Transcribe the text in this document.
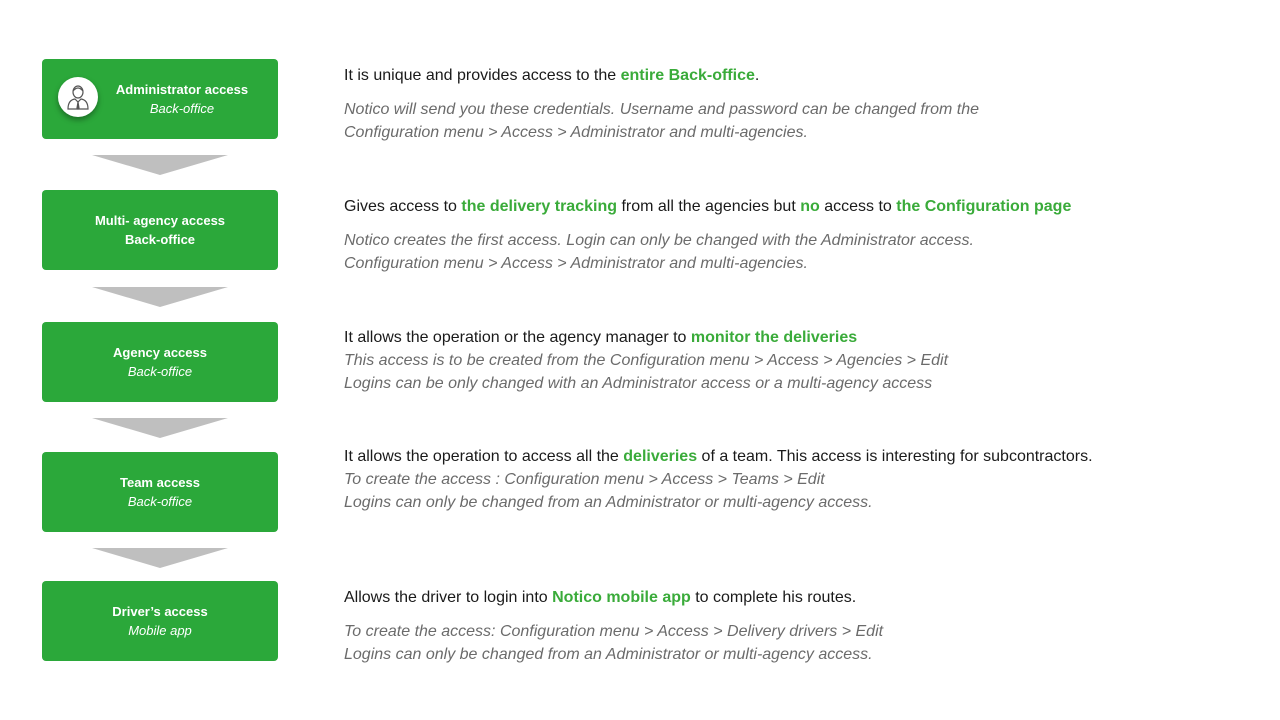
Administrator access
Back-office
Multi- agency access
Back-office
Agency access
Back-office
Team access
Back-office
Driver’s access
Mobile app
It is unique and provides access to the entire Back-office.
Notico will send you these credentials. Username and password can be changed from the
Configuration menu > Access > Administrator and multi-agencies.
Gives access to the delivery tracking from all the agencies but no access to the Configuration page
Notico creates the first access. Login can only be changed with the Administrator access.
Configuration menu > Access > Administrator and multi-agencies.
It allows the operation or the agency manager to monitor the deliveries
This access is to be created from the Configuration menu > Access > Agencies > Edit
Logins can be only changed with an Administrator access or a multi-agency access
It allows the operation to access all the deliveries of a team. This access is interesting for subcontractors.
To create the access : Configuration menu > Access > Teams > Edit
Logins can only be changed from an Administrator or multi-agency access.
Allows the driver to login into Notico mobile app to complete his routes.
To create the access: Configuration menu > Access > Delivery drivers > Edit
Logins can only be changed from an Administrator or multi-agency access.
